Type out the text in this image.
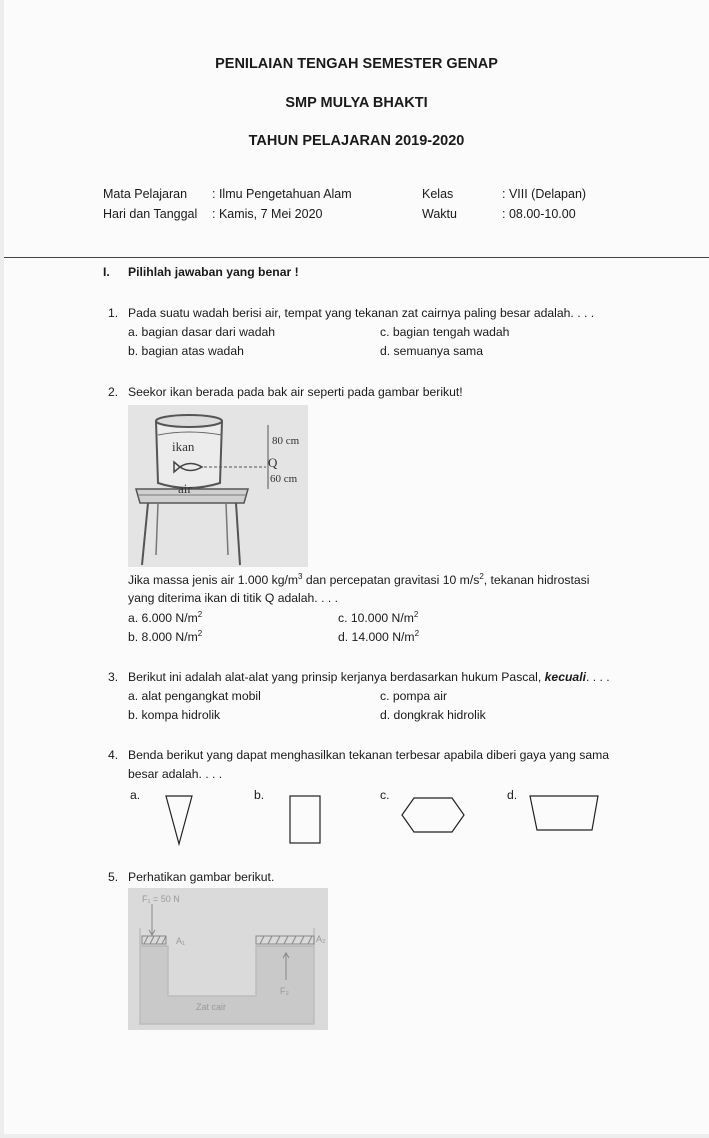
PENILAIAN TENGAH SEMESTER GENAP
SMP MULYA BHAKTI
TAHUN PELAJARAN 2019-2020
Mata Pelajaran : Ilmu Pengetahuan Alam	Kelas	: VIII (Delapan)
Hari dan Tanggal : Kamis, 7 Mei 2020	Waktu	: 08.00-10.00
I. Pilihlah jawaban yang benar !
1. Pada suatu wadah berisi air, tempat yang tekanan zat cairnya paling besar adalah. . . .
a. bagian dasar dari wadah	c. bagian tengah wadah
b. bagian atas wadah	d. semuanya sama
2. Seekor ikan berada pada bak air seperti pada gambar berikut!
ikan
air
Q
80 cm
60 cm
Jika massa jenis air 1.000 $kg/m^3$ dan percepatan gravitasi 10 $m/s^2$, tekanan hidrostasi
yang diterima ikan di titik Q adalah. . . .
a. 6.000 $N/m^2$	c. 10.000 $N/m^2$
b. 8.000 $N/m^2$	d. 14.000 $N/m^2$
3. Berikut ini adalah alat-alat yang prinsip kerjanya berdasarkan hukum Pascal, kecuali. . . .
a. alat pengangkat mobil	c. pompa air
b. kompa hidrolik	d. dongkrak hidrolik
4. Benda berikut yang dapat menghasilkan tekanan terbesar apabila diberi gaya yang sama
besar adalah. . . .
a.	b.	c.	d.
5. Perhatikan gambar berikut.
F₁ = 50 N
A₁	A₂
F₂
Zat cair
